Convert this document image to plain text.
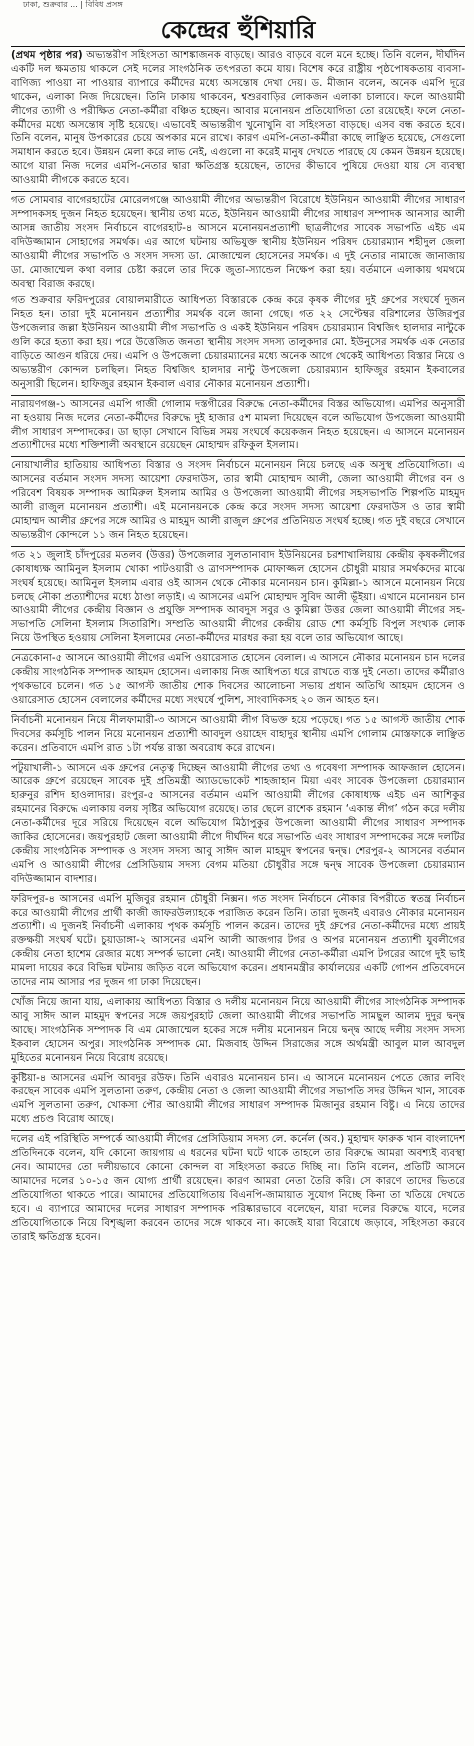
ঢাকা, শুক্রবার ... | বিবিধ প্রসঙ্গ
কেন্দ্রের হুঁশিয়ারি

(প্রথম পৃষ্ঠার পর) অভ্যন্তরীণ সহিংসতা আশঙ্কাজনক বাড়ছে। আরও বাড়বে বলে মনে হচ্ছে। তিনি বলেন, দীর্ঘদিন একটি দল ক্ষমতায় থাকলে সেই দলের সাংগঠনিক তৎপরতা কমে যায়। বিশেষ করে রাষ্ট্রীয় পৃষ্ঠপোষকতায় ব্যবসা-বাণিজ্য পাওয়া না পাওয়ার ব্যাপারে কর্মীদের মধ্যে অসন্তোষ দেখা দেয়। ড. মীজান বলেন, অনেক এমপি দূরে থাকেন, এলাকা নিজ দিয়েছেন। তিনি ঢাকায় থাকবেন, শ্বশুরবাড়ির লোকজন এলাকা চালাবে। ফলে আওয়ামী লীগের ত্যাগী ও পরীক্ষিত নেতা-কর্মীরা বঞ্চিত হচ্ছেন। আবার মনোনয়ন প্রতিযোগিতা তো রয়েছেই। ফলে নেতা-কর্মীদের মধ্যে অসন্তোষ সৃষ্টি হয়েছে। এভাবেই অভ্যন্তরীণ খুনোখুনি বা সহিংসতা বাড়ছে। এসব বন্ধ করতে হবে। তিনি বলেন, মানুষ উপকারের চেয়ে অপকার মনে রাখে। কারণ এমপি-নেতা-কর্মীরা কাছে লাঞ্ছিত হয়েছে, সেগুলো সমাধান করতে হবে। উন্নয়ন মেলা করে লাভ নেই, এগুলো না করেই মানুষ দেখতে পারছে যে কেমন উন্নয়ন হয়েছে। আগে যারা নিজ দলের এমপি-নেতার দ্বারা ক্ষতিগ্রস্ত হয়েছেন, তাদের কীভাবে পুষিয়ে দেওয়া যায় সে ব্যবস্থা আওয়ামী লীগকে করতে হবে।

গত সোমবার বাগেরহাটের মোরেলগঞ্জে আওয়ামী লীগের অভ্যন্তরীণ বিরোধে ইউনিয়ন আওয়ামী লীগের সাধারণ সম্পাদকসহ দুজন নিহত হয়েছেন। স্থানীয় তথ্য মতে, ইউনিয়ন আওয়ামী লীগের সাধারণ সম্পাদক আনসার আলী আসন্ন জাতীয় সংসদ নির্বাচনে বাগেরহাট-৪ আসনে মনোনয়নপ্রত্যাশী ছাত্রলীগের সাবেক সভাপতি এইচ এম বদিউজ্জামান সোহাগের সমর্থক। এর আগে ঘটনায় অভিযুক্ত স্থানীয় ইউনিয়ন পরিষদ চেয়ারম্যান শহীদুল জেলা আওয়ামী লীগের সভাপতি ও সংসদ সদস্য ডা. মোজাম্মেল হোসেনের সমর্থক। এ দুই নেতার নামাজে জানাজায় ডা. মোজাম্মেল কথা বলার চেষ্টা করলে তার দিকে জুতা-স্যান্ডেল নিক্ষেপ করা হয়। বর্তমানে এলাকায় থমথমে অবস্থা বিরাজ করছে।

গত শুক্রবার ফরিদপুরের বোয়ালমারীতে আধিপত্য বিস্তারকে কেন্দ্র করে কৃষক লীগের দুই গ্রুপের সংঘর্ষে দুজন নিহত হন। তারা দুই মনোনয়ন প্রত্যাশীর সমর্থক বলে জানা গেছে। গত ২২ সেপ্টেম্বর বরিশালের উজিরপুর উপজেলার জল্লা ইউনিয়ন আওয়ামী লীগ সভাপতি ও একই ইউনিয়ন পরিষদ চেয়ারম্যান বিশ্বজিৎ হালদার নান্টুকে গুলি করে হত্যা করা হয়। পরে উত্তেজিত জনতা স্থানীয় সংসদ সদস্য তালুকদার মো. ইউনুসের সমর্থক এক নেতার বাড়িতে আগুন ধরিয়ে দেয়। এমপি ও উপজেলা চেয়ারম্যানের মধ্যে অনেক আগে থেকেই আধিপত্য বিস্তার নিয়ে ও অভ্যন্তরীণ কোন্দল চলছিল। নিহত বিশ্বজিৎ হালদার নান্টু উপজেলা চেয়ারম্যান হাফিজুর রহমান ইকবালের অনুসারী ছিলেন। হাফিজুর রহমান ইকবাল এবার নৌকার মনোনয়ন প্রত্যাশী।

নারায়ণগঞ্জ-১ আসনের এমপি গাজী গোলাম দস্তগীরের বিরুদ্ধে নেতা-কর্মীদের বিস্তর অভিযোগ। এমপির অনুসারী না হওয়ায় নিজ দলের নেতা-কর্মীদের বিরুদ্ধে দুই হাজার ৫শ মামলা দিয়েছেন বলে অভিযোগ উপজেলা আওয়ামী লীগ সাধারণ সম্পাদকের। ডা ছাড়া সেখানে বিভিন্ন সময় সংঘর্ষে কয়েকজন নিহত হয়েছেন। এ আসনে মনোনয়ন প্রত্যাশীদের মধ্যে শক্তিশালী অবস্থানে রয়েছেন মোহাম্মদ রফিকুল ইসলাম।

নোয়াখালীর হাতিয়ায় আধিপত্য বিস্তার ও সংসদ নির্বাচনে মনোনয়ন নিয়ে চলছে এক অসুস্থ প্রতিযোগিতা। এ আসনের বর্তমান সংসদ সদস্য আয়েশা ফেরদাউস, তার স্বামী মোহাম্মদ আলী, জেলা আওয়ামী লীগের বন ও পরিবেশ বিষয়ক সম্পাদক আমিরুল ইসলাম আমির ও উপজেলা আওয়ামী লীগের সহসভাপতি শিল্পপতি মাহমুদ আলী রাজুল মনোনয়ন প্রত্যাশী। এই মনোনয়নকে কেন্দ্র করে সংসদ সদস্য আয়েশা ফেরদাউস ও তার স্বামী মোহাম্মদ আলীর গ্রুপের সঙ্গে আমির ও মাহমুদ আলী রাজুল গ্রুপের প্রতিনিয়ত সংঘর্ষ হচ্ছে। গত দুই বছরে সেখানে অভ্যন্তরীণ কোন্দলে ১১ জন নিহত হয়েছেন।

গত ২১ জুলাই চাঁদপুরের মতলব (উত্তর) উপজেলার সুলতানাবাদ ইউনিয়নের চরশাখালিয়ায় কেন্দ্রীয় কৃষকলীগের কোষাধ্যক্ষ আমিনুল ইসলাম খোকা পাটওয়ারী ও ত্রাণসম্পাদক মোফাজ্জল হোসেন চৌধুরী মায়ার সমর্থকদের মাঝে সংঘর্ষ হয়েছে। আমিনুল ইসলাম এবার ওই আসন থেকে নৌকার মনোনয়ন চান। কুমিল্লা-১ আসনে মনোনয়ন নিয়ে চলছে নৌকা প্রত্যাশীদের মধ্যে ঠাণ্ডা লড়াই। এ আসনের এমপি মোহাম্মদ সুবিদ আলী ভূঁইয়া। এখানে মনোনয়ন চান আওয়ামী লীগের কেন্দ্রীয় বিজ্ঞান ও প্রযুক্তি সম্পাদক আবদুস সবুর ও কুমিল্লা উত্তর জেলা আওয়ামী লীগের সহ-সভাপতি সেলিনা ইসলাম সিতারিশি। সম্প্রতি আওয়ামী লীগের কেন্দ্রীয় রোড শো কর্মসূচি বিপুল সংখ্যক লোক নিয়ে উপস্থিত হওয়ায় সেলিনা ইসলামের নেতা-কর্মীদের মারধর করা হয় বলে তার অভিযোগ আছে।

নেত্রকোনা-৫ আসনে আওয়ামী লীগের এমপি ওয়ারেসাত হোসেন বেলাল। এ আসনে নৌকার মনোনয়ন চান দলের কেন্দ্রীয় সাংগঠনিক সম্পাদক আহমদ হোসেন। এলাকায় নিজ আধিপত্য ধরে রাখতে ব্যস্ত দুই নেতা। তাদের কর্মীরাও পৃথকভাবে চলেন। গত ১৫ আগস্ট জাতীয় শোক দিবসের আলোচনা সভায় প্রধান অতিথি আহমদ হোসেন ও ওয়ারেসাত হোসেন বেলালের কর্মীদের মধ্যে সংঘর্ষে পুলিশ, সাংবাদিকসহ ২০ জন আহত হন।

নির্বাচনী মনোনয়ন নিয়ে নীলফামারী-৩ আসনে আওয়ামী লীগ বিভক্ত হয়ে পড়েছে। গত ১৫ আগস্ট জাতীয় শোক দিবসের কর্মসূচি পালন নিয়ে মনোনয়ন প্রত্যাশী আবদুল ওয়াহেদ বাহাদুর স্থানীয় এমপি গোলাম মোস্তফাকে লাঞ্ছিত করেন। প্রতিবাদে এমপি রাত ১টা পর্যন্ত রাস্তা অবরোধ করে রাখেন।

পটুয়াখালী-১ আসনে এক গ্রুপের নেতৃত্ব দিচ্ছেন আওয়ামী লীগের তথ্য ও গবেষণা সম্পাদক আফজাল হোসেন। আরেক গ্রুপে রয়েছেন সাবেক দুই প্রতিমন্ত্রী অ্যাডভোকেট শাহজাহান মিয়া এবং সাবেক উপজেলা চেয়ারম্যান হারুনুর রশিদ হাওলাদার। রংপুর-৫ আসনের বর্তমান এমপি আওয়ামী লীগের কোষাধ্যক্ষ এইচ এন আশিকুর রহমানের বিরুদ্ধে এলাকায় বলয় সৃষ্টির অভিযোগ রয়েছে। তার ছেলে রাশেক রহমান ‘একান্ত লীগ’ গঠন করে দলীয় নেতা-কর্মীদের দূরে সরিয়ে দিয়েছেন বলে অভিযোগ মিঠাপুকুর উপজেলা আওয়ামী লীগের সাধারণ সম্পাদক জাকির হোসেনের। জয়পুরহাট জেলা আওয়ামী লীগে দীর্ঘদিন ধরে সভাপতি এবং সাধারণ সম্পাদকের সঙ্গে দলটির কেন্দ্রীয় সাংগঠনিক সম্পাদক ও সংসদ সদস্য আবু সাঈদ আল মাহমুদ স্বপনের দ্বন্দ্ব। শেরপুর-২ আসনের বর্তমান এমপি ও আওয়ামী লীগের প্রেসিডিয়াম সদস্য বেগম মতিয়া চৌধুরীর সঙ্গে দ্বন্দ্ব সাবেক উপজেলা চেয়ারম্যান বদিউজ্জামান বাদশার।

ফরিদপুর-৪ আসনের এমপি মুজিবুর রহমান চৌধুরী নিক্সন। গত সংসদ নির্বাচনে নৌকার বিপরীতে স্বতন্ত্র নির্বাচন করে আওয়ামী লীগের প্রার্থী কাজী জাফরউল্যাহকে পরাজিত করেন তিনি। তারা দুজনই এবারও নৌকার মনোনয়ন প্রত্যাশী। এ দুজনই নির্বাচনী এলাকায় পৃথক কর্মসূচি পালন করেন। তাদের দুই গ্রুপের নেতা-কর্মীদের মধ্যে প্রায়ই রক্তক্ষয়ী সংঘর্ষ ঘটে। চুয়াডাঙ্গা-২ আসনের এমপি আলী আজগার টগর ও অপর মনোনয়ন প্রত্যাশী যুবলীগের কেন্দ্রীয় নেতা হাশেম রেজার মধ্যে সম্পর্ক ভালো নেই। আওয়ামী লীগের নেতা-কর্মীরা এমপি টগরের আগে দুই ভাই মামলা দায়ের করে বিভিন্ন ঘটনায় জড়িত বলে অভিযোগ করেন। প্রধানমন্ত্রীর কার্যালয়ের একটি গোপন প্রতিবেদনে তাদের নাম আসার পর দুজন গা ঢাকা দিয়েছেন।

খোঁজ নিয়ে জানা যায়, এলাকায় আধিপত্য বিস্তার ও দলীয় মনোনয়ন নিয়ে আওয়ামী লীগের সাংগঠনিক সম্পাদক আবু সাঈদ আল মাহমুদ স্বপনের সঙ্গে জয়পুরহাট জেলা আওয়ামী লীগের সভাপতি সামছুল আলম দুদুর দ্বন্দ্ব আছে। সাংগঠনিক সম্পাদক বি এম মোজাম্মেল হকের সঙ্গে দলীয় মনোনয়ন নিয়ে দ্বন্দ্ব আছে দলীয় সংসদ সদস্য ইকবাল হোসেন অপুর। সাংগঠনিক সম্পাদক মো. মিজবাহ উদ্দিন সিরাজের সঙ্গে অর্থমন্ত্রী আবুল মাল আবদুল মুহিতের মনোনয়ন নিয়ে বিরোধ রয়েছে।

কুষ্টিয়া-৪ আসনের এমপি আবদুর রউফ। তিনি এবারও মনোনয়ন চান। এ আসনে মনোনয়ন পেতে জোর লবিং করছেন সাবেক এমপি সুলতানা তরুণ, কেন্দ্রীয় নেতা ও জেলা আওয়ামী লীগের সভাপতি সদর উদ্দিন খান, সাবেক এমপি সুলতানা তরুণ, খোকসা পৌর আওয়ামী লীগের সাধারণ সম্পাদক মিজানুর রহমান বিষ্টু। এ নিয়ে তাদের মধ্যে প্রচণ্ড বিরোধ আছে।

দলের এই পরিস্থিতি সম্পর্কে আওয়ামী লীগের প্রেসিডিয়াম সদস্য লে. কর্নেল (অব.) মুহাম্মদ ফারুক খান বাংলাদেশ প্রতিদিনকে বলেন, যদি কোনো জায়গায় এ ধরনের ঘটনা ঘটে থাকে তাহলে তার বিরুদ্ধে আমরা অবশ্যই ব্যবস্থা নেব। আমাদের তো দলীয়ভাবে কোনো কোন্দল বা সহিংসতা করতে দিচ্ছি না। তিনি বলেন, প্রতিটি আসনে আমাদের দলের ১০-১৫ জন যোগ্য প্রার্থী রয়েছেন। কারণ আমরা নেতা তৈরি করি। সে কারণে তাদের ভিতরে প্রতিযোগিতা থাকতে পারে। আমাদের প্রতিযোগিতায় বিএনপি-জামায়াত সুযোগ নিচ্ছে কিনা তা খতিয়ে দেখতে হবে। এ ব্যাপারে আমাদের দলের সাধারণ সম্পাদক পরিষ্কারভাবে বলেছেন, যারা দলের বিরুদ্ধে যাবে, দলের প্রতিযোগিতাকে নিয়ে বিশৃঙ্খলা করবেন তাদের সঙ্গে থাকবে না। কাজেই যারা বিরোধে জড়াবে, সহিংসতা করবে তারাই ক্ষতিগ্রস্ত হবেন।
